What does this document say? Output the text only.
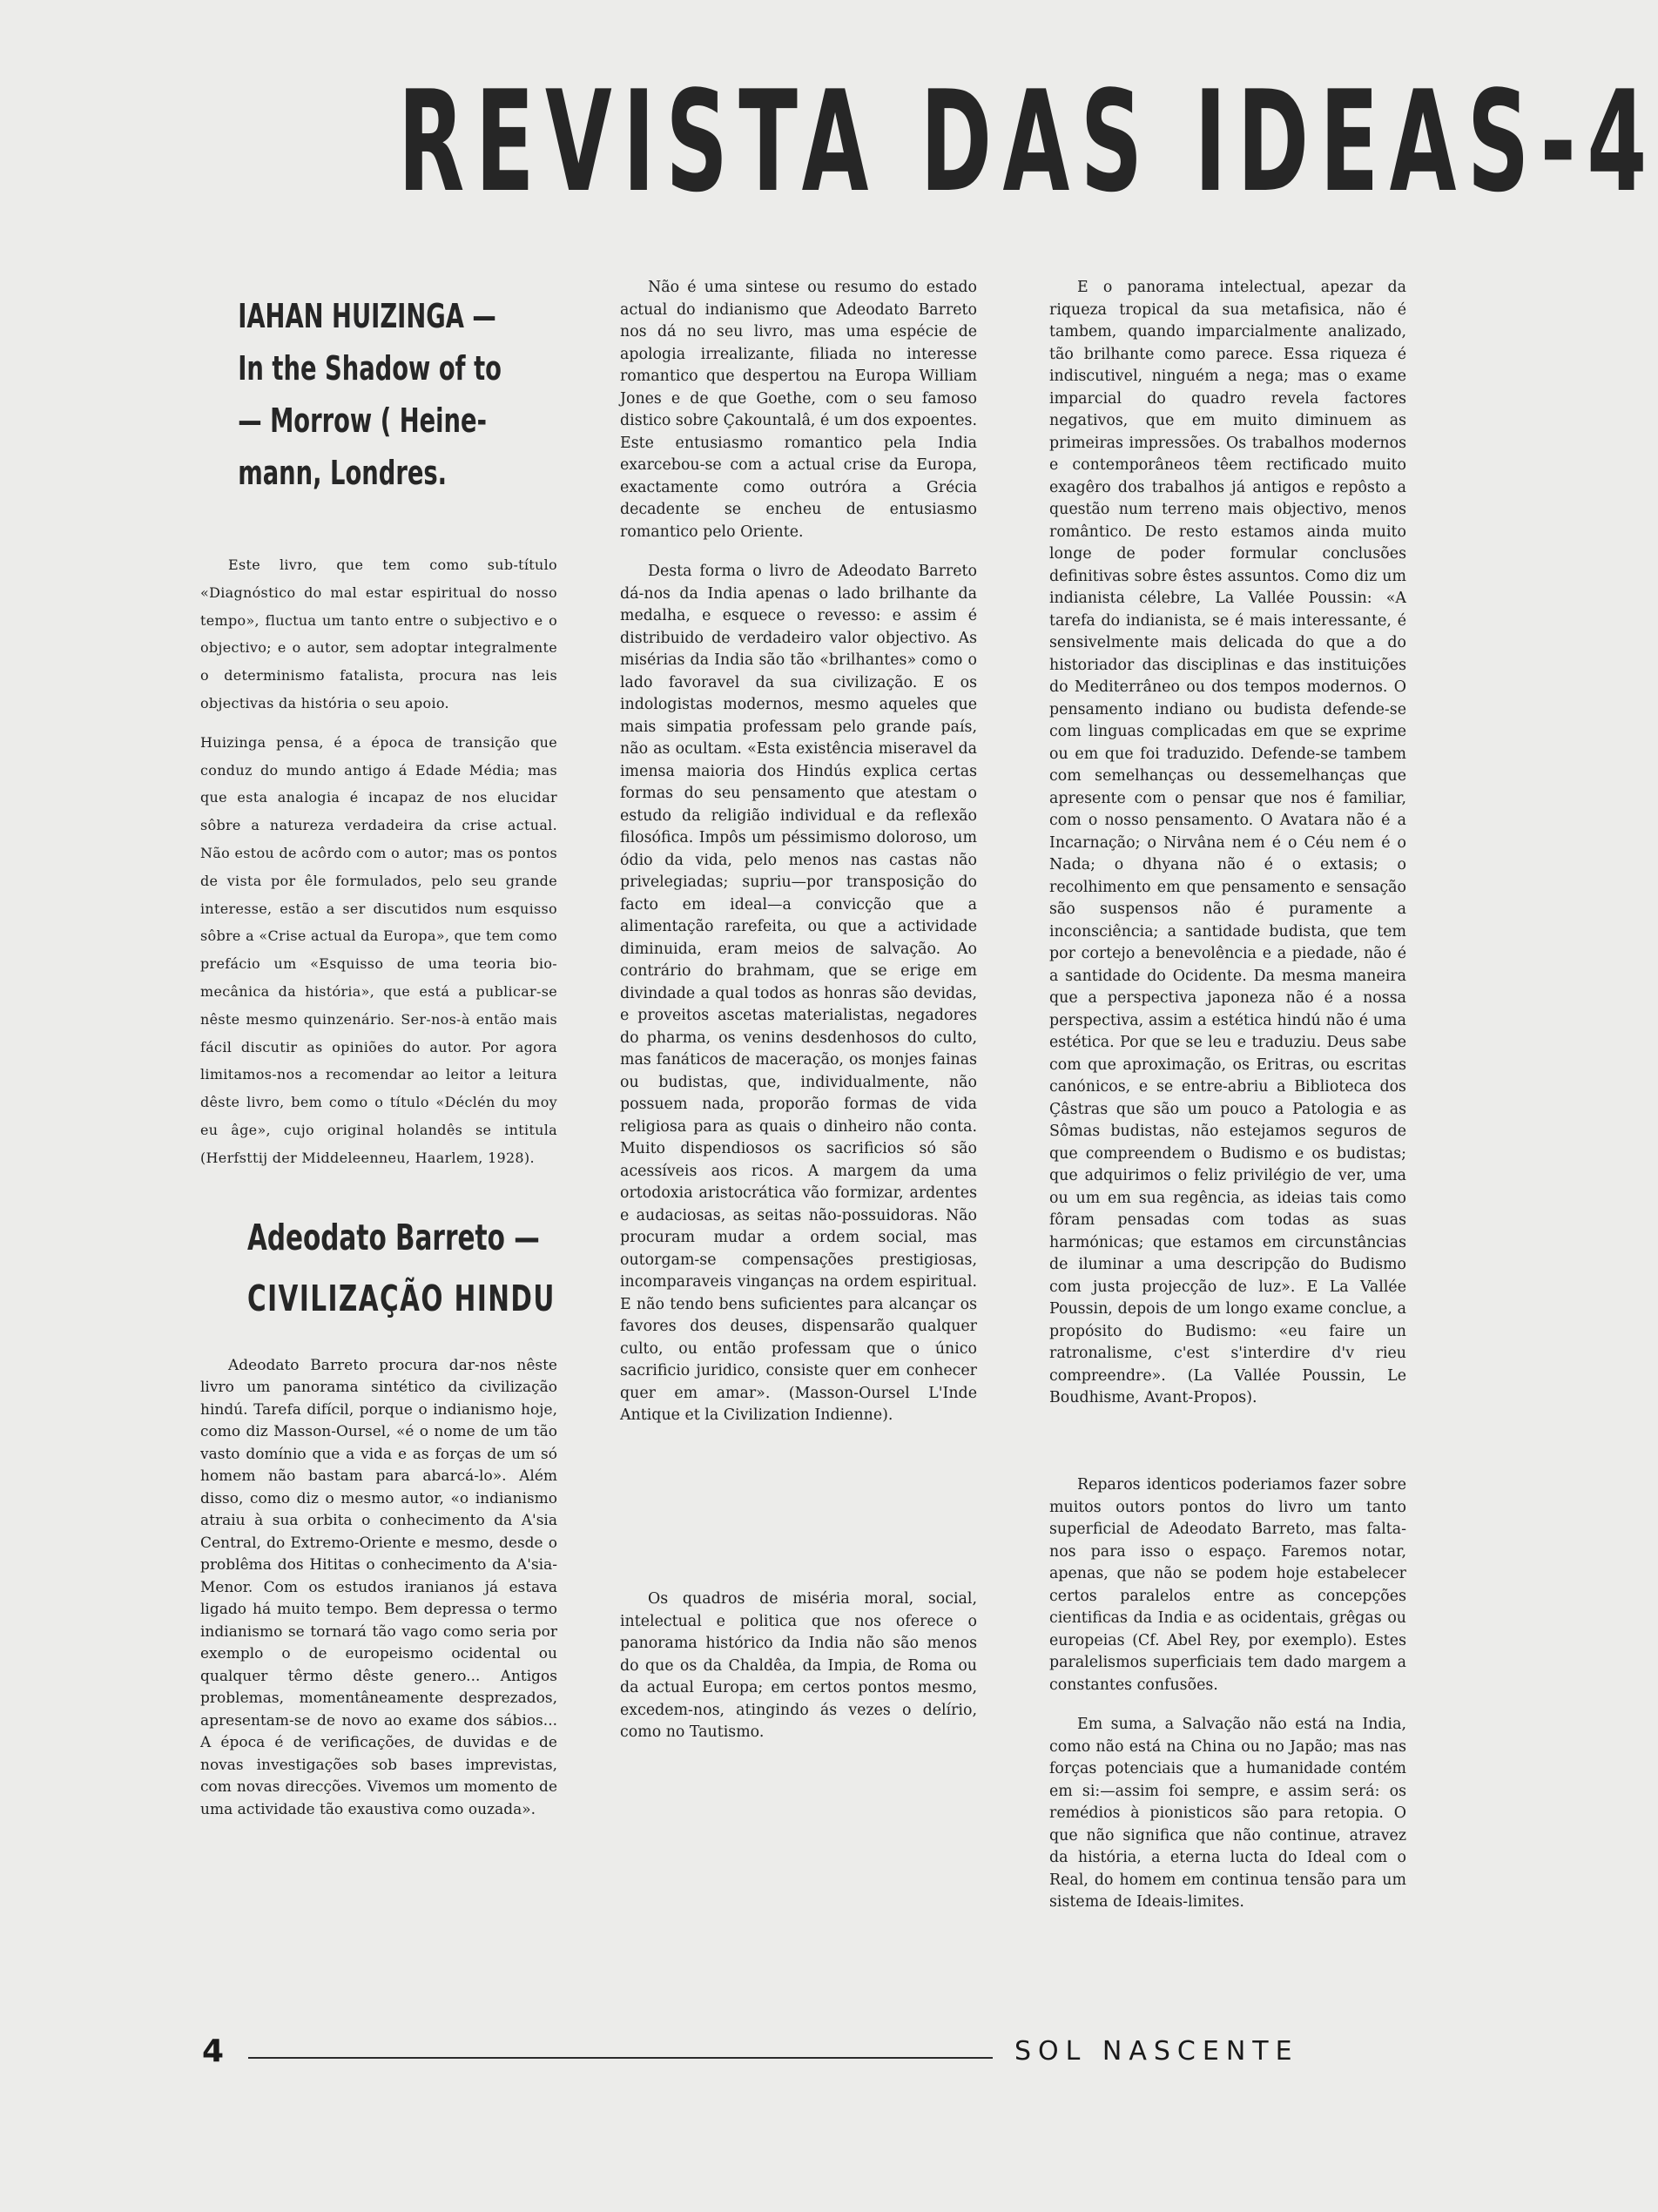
REVISTA DAS IDEAS-4
IAHAN HUIZINGA —
In the Shadow of to
— Morrow ( Heine-
mann, Londres.

Este livro, que tem como sub-título «Diagnóstico do mal estar espiritual do nosso tempo», fluctua um tanto entre o subjectivo e o objectivo; e o autor, sem adoptar integralmente o determinismo fatalista, procura nas leis objectivas da história o seu apoio.

Huizinga pensa, é a época de transição que conduz do mundo antigo á Edade Média; mas que esta analogia é incapaz de nos elucidar sôbre a natureza verdadeira da crise actual. Não estou de acôrdo com o autor; mas os pontos de vista por êle formulados, pelo seu grande interesse, estão a ser discutidos num esquisso sôbre a «Crise actual da Europa», que tem como prefácio um «Esquisso de uma teoria bio-mecânica da história», que está a publicar-se nêste mesmo quinzenário. Ser-nos-à então mais fácil discutir as opiniões do autor. Por agora limitamos-nos a recomendar ao leitor a leitura dêste livro, bem como o título «Déclén du moy eu âge», cujo original holandês se intitula (Herfsttij der Middeleenneu, Haarlem, 1928).

Adeodato Barreto —
CIVILIZAÇÃO HINDU

Adeodato Barreto procura dar-nos nêste livro um panorama sintético da civilização hindú. Tarefa difícil, porque o indianismo hoje, como diz Masson-Oursel, «é o nome de um tão vasto domínio que a vida e as forças de um só homem não bastam para abarcá-lo». Além disso, como diz o mesmo autor, «o indianismo atraiu à sua orbita o conhecimento da A'sia Central, do Extremo-Oriente e mesmo, desde o problêma dos Hititas o conhecimento da A'sia-Menor. Com os estudos iranianos já estava ligado há muito tempo. Bem depressa o termo indianismo se tornará tão vago como seria por exemplo o de europeismo ocidental ou qualquer têrmo dêste genero... Antigos problemas, momentâneamente desprezados, apresentam-se de novo ao exame dos sábios... A época é de verificações, de duvidas e de novas investigações sob bases imprevistas, com novas direcções. Vivemos um momento de uma actividade tão exaustiva como ouzada».

Não é uma sintese ou resumo do estado actual do indianismo que Adeodato Barreto nos dá no seu livro, mas uma espécie de apologia irrealizante, filiada no interesse romantico que despertou na Europa William Jones e de que Goethe, com o seu famoso distico sobre Çakountalâ, é um dos expoentes. Este entusiasmo romantico pela India exarcebou-se com a actual crise da Europa, exactamente como outróra a Grécia decadente se encheu de entusiasmo romantico pelo Oriente.

Desta forma o livro de Adeodato Barreto dá-nos da India apenas o lado brilhante da medalha, e esquece o revesso: e assim é distribuido de verdadeiro valor objectivo. As misérias da India são tão «brilhantes» como o lado favoravel da sua civilização. E os indologistas modernos, mesmo aqueles que mais simpatia professam pelo grande país, não as ocultam. «Esta existência miseravel da imensa maioria dos Hindús explica certas formas do seu pensamento que atestam o estudo da religião individual e da reflexão filosófica. Impôs um péssimismo doloroso, um ódio da vida, pelo menos nas castas não privelegiadas; supriu—por transposição do facto em ideal—a convicção que a alimentação rarefeita, ou que a actividade diminuida, eram meios de salvação. Ao contrário do brahmam, que se erige em divindade a qual todos as honras são devidas, e proveitos ascetas materialistas, negadores do pharma, os venins desdenhosos do culto, mas fanáticos de maceração, os monjes fainas ou budistas, que, individualmente, não possuem nada, proporão formas de vida religiosa para as quais o dinheiro não conta. Muito dispendiosos os sacrificios só são acessíveis aos ricos. A margem da uma ortodoxia aristocrática vão formizar, ardentes e audaciosas, as seitas não-possuidoras. Não procuram mudar a ordem social, mas outorgam-se compensações prestigiosas, incomparaveis vinganças na ordem espiritual. E não tendo bens suficientes para alcançar os favores dos deuses, dispensarão qualquer culto, ou então professam que o único sacrificio juridico, consiste quer em conhecer quer em amar». (Masson-Oursel L'Inde Antique et la Civilization Indienne).

Os quadros de miséria moral, social, intelectual e politica que nos oferece o panorama histórico da India não são menos do que os da Chaldêa, da Impia, de Roma ou da actual Europa; em certos pontos mesmo, excedem-nos, atingindo ás vezes o delírio, como no Tautismo.

E o panorama intelectual, apezar da riqueza tropical da sua metafisica, não é tambem, quando imparcialmente analizado, tão brilhante como parece. Essa riqueza é indiscutivel, ninguém a nega; mas o exame imparcial do quadro revela factores negativos, que em muito diminuem as primeiras impressões. Os trabalhos modernos e contemporâneos têem rectificado muito exagêro dos trabalhos já antigos e repôsto a questão num terreno mais objectivo, menos romântico. De resto estamos ainda muito longe de poder formular conclusões definitivas sobre êstes assuntos. Como diz um indianista célebre, La Vallée Poussin: «A tarefa do indianista, se é mais interessante, é sensivelmente mais delicada do que a do historiador das disciplinas e das instituições do Mediterrâneo ou dos tempos modernos. O pensamento indiano ou budista defende-se com linguas complicadas em que se exprime ou em que foi traduzido. Defende-se tambem com semelhanças ou dessemelhanças que apresente com o pensar que nos é familiar, com o nosso pensamento. O Avatara não é a Incarnação; o Nirvâna nem é o Céu nem é o Nada; o dhyana não é o extasis; o recolhimento em que pensamento e sensação são suspensos não é puramente a inconsciência; a santidade budista, que tem por cortejo a benevolência e a piedade, não é a santidade do Ocidente. Da mesma maneira que a perspectiva japoneza não é a nossa perspectiva, assim a estética hindú não é uma estética. Por que se leu e traduziu. Deus sabe com que aproximação, os Eritras, ou escritas canónicos, e se entre-abriu a Biblioteca dos Çâstras que são um pouco a Patologia e as Sômas budistas, não estejamos seguros de que compreendem o Budismo e os budistas; que adquirimos o feliz privilégio de ver, uma ou um em sua regência, as ideias tais como fôram pensadas com todas as suas harmónicas; que estamos em circunstâncias de iluminar a uma descripção do Budismo com justa projecção de luz». E La Vallée Poussin, depois de um longo exame conclue, a propósito do Budismo: «eu faire un ratronalisme, c'est s'interdire d'v rieu compreendre». (La Vallée Poussin, Le Boudhisme, Avant-Propos).

Reparos identicos poderiamos fazer sobre muitos outors pontos do livro um tanto superficial de Adeodato Barreto, mas falta-nos para isso o espaço. Faremos notar, apenas, que não se podem hoje estabelecer certos paralelos entre as concepções cientificas da India e as ocidentais, grêgas ou europeias (Cf. Abel Rey, por exemplo). Estes paralelismos superficiais tem dado margem a constantes confusões.

Em suma, a Salvação não está na India, como não está na China ou no Japão; mas nas forças potenciais que a humanidade contém em si:—assim foi sempre, e assim será: os remédios à pionisticos são para retopia. O que não significa que não continue, atravez da história, a eterna lucta do Ideal com o Real, do homem em continua tensão para um sistema de Ideais-limites.

4	SOL NASCENTE
